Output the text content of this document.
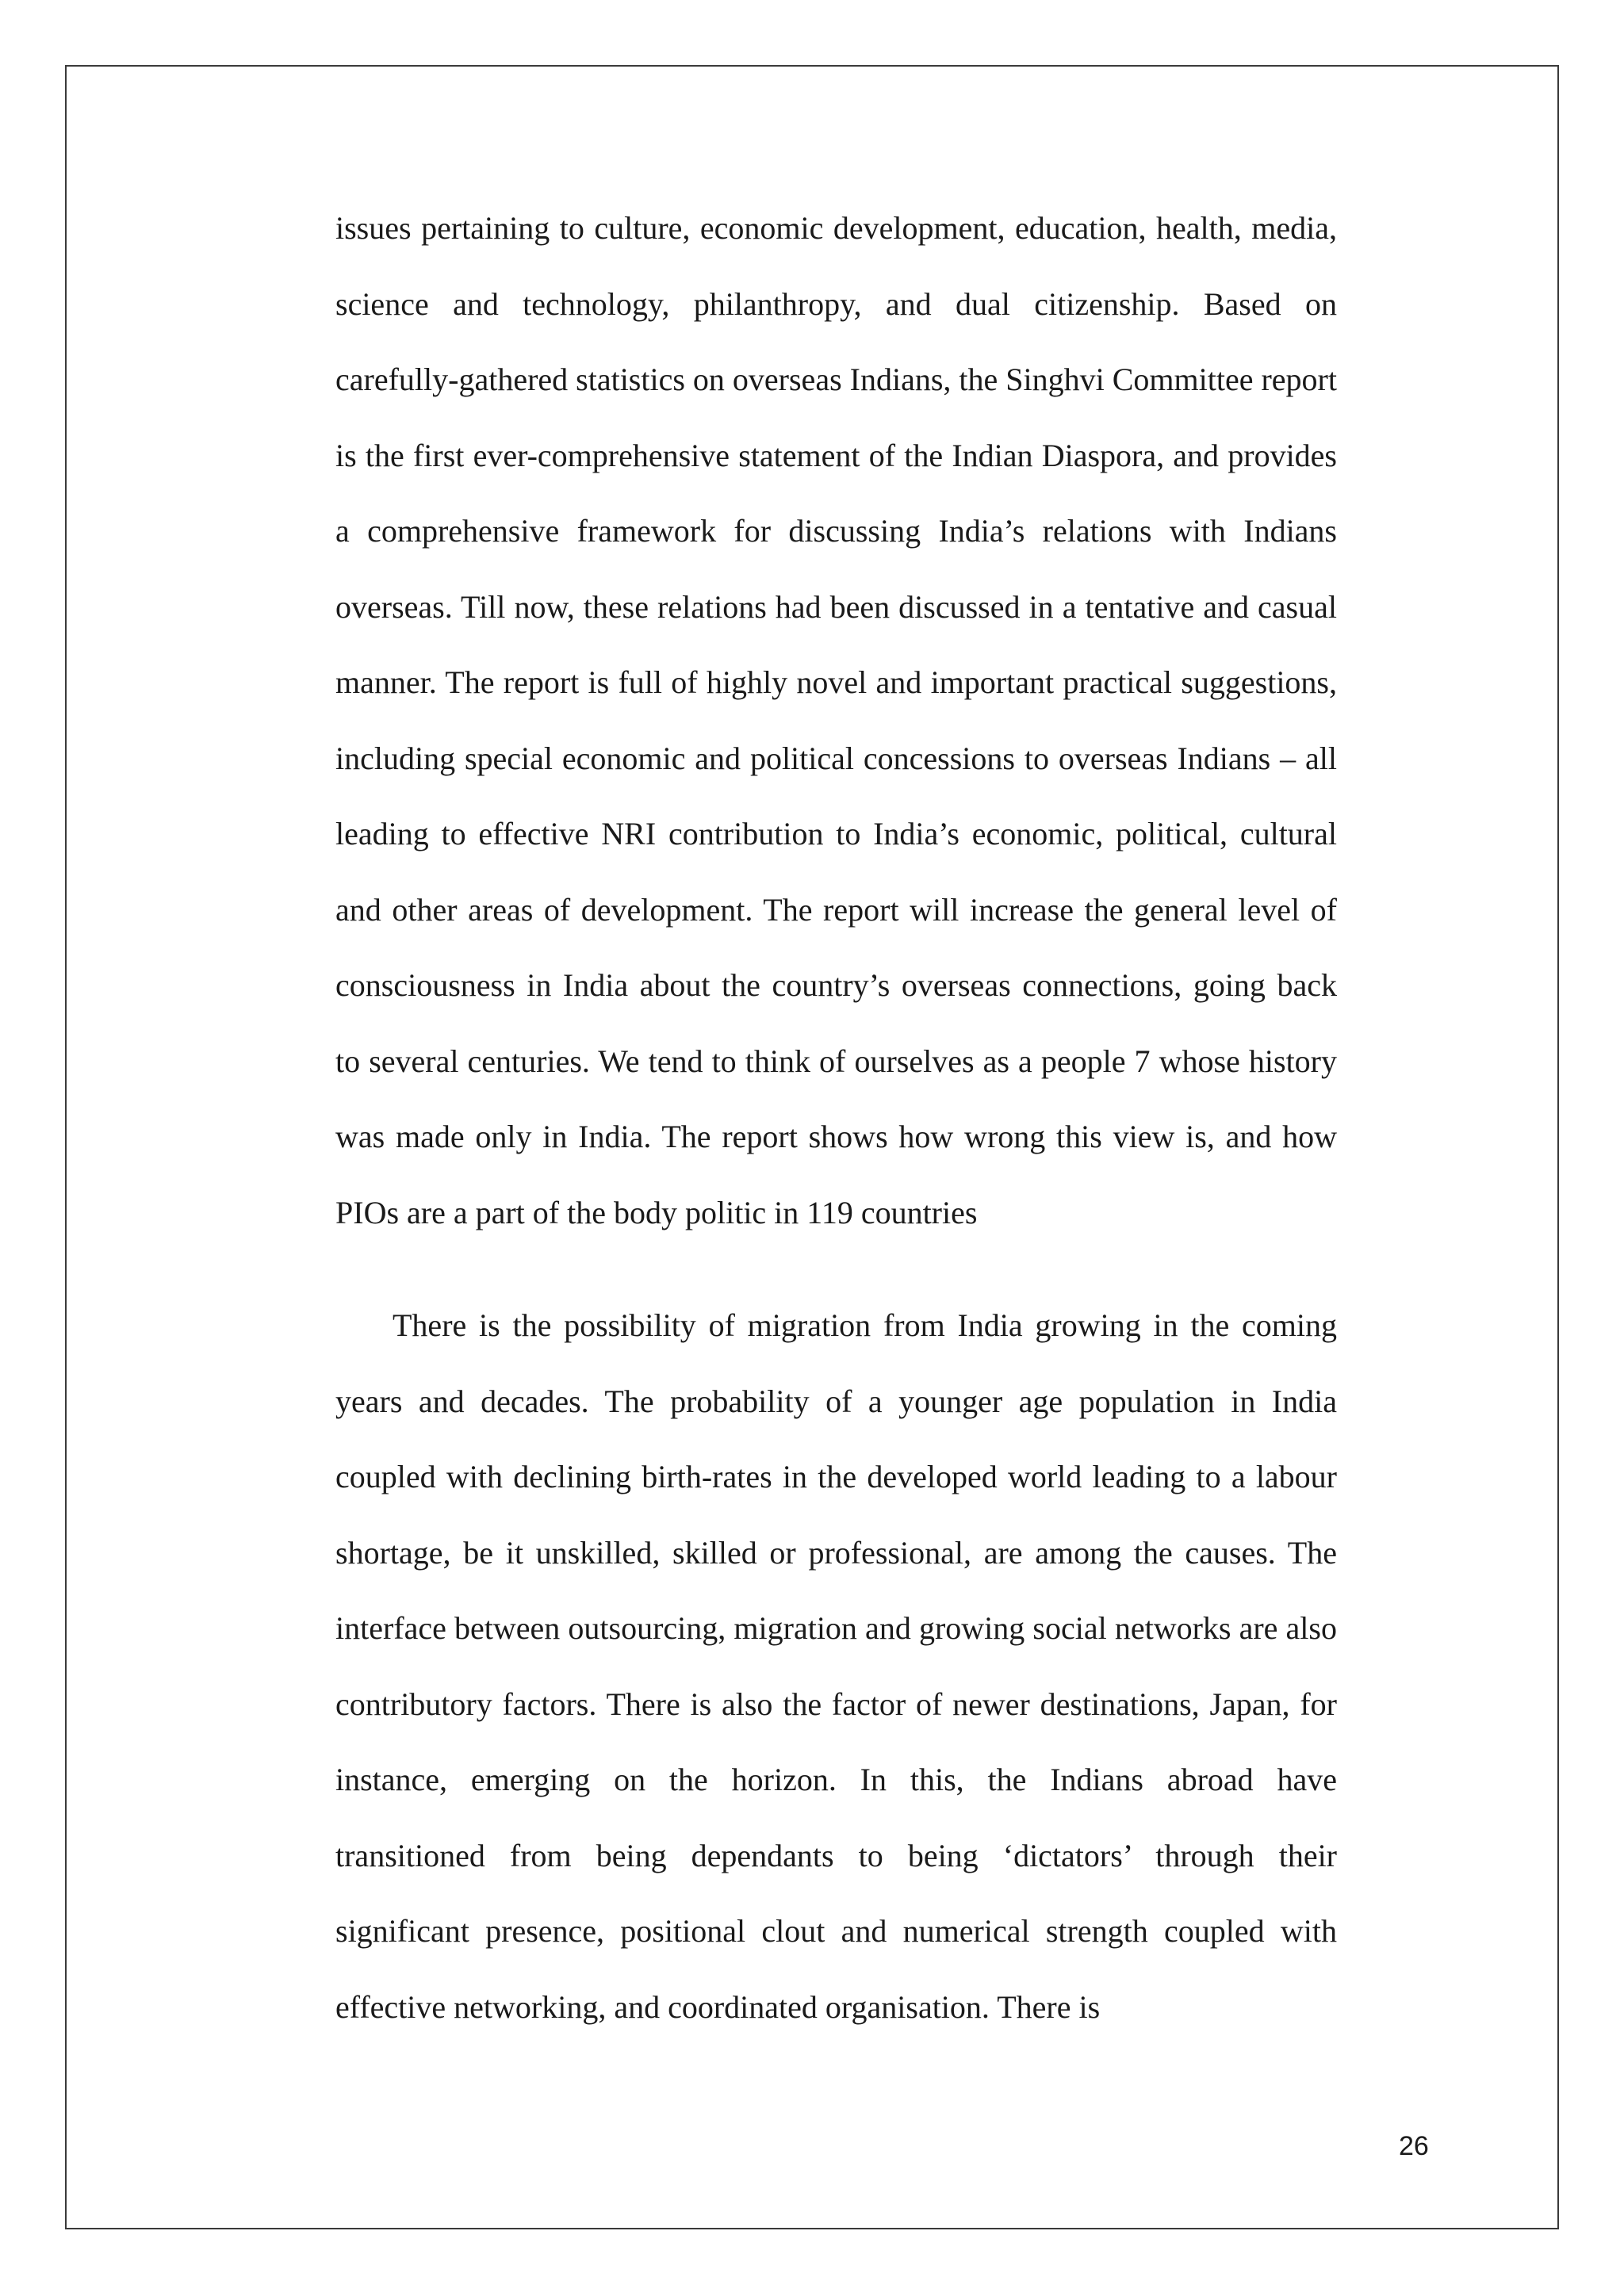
issues pertaining to culture, economic development, education, health, media, science and technology, philanthropy, and dual citizenship. Based on carefully-gathered statistics on overseas Indians, the Singhvi Committee report is the first ever-comprehensive statement of the Indian Diaspora, and provides a comprehensive framework for discussing India’s relations with Indians overseas. Till now, these relations had been discussed in a tentative and casual manner. The report is full of highly novel and important practical suggestions, including special economic and political concessions to overseas Indians – all leading to effective NRI contribution to India’s economic, political, cultural and other areas of development. The report will increase the general level of consciousness in India about the country’s overseas connections, going back to several centuries. We tend to think of ourselves as a people 7 whose history was made only in India. The report shows how wrong this view is, and how PIOs are a part of the body politic in 119 countries

There is the possibility of migration from India growing in the coming years and decades. The probability of a younger age population in India coupled with declining birth-rates in the developed world leading to a labour shortage, be it unskilled, skilled or professional, are among the causes. The interface between outsourcing, migration and growing social networks are also contributory factors. There is also the factor of newer destinations, Japan, for instance, emerging on the horizon. In this, the Indians abroad have transitioned from being dependants to being ‘dictators’ through their significant presence, positional clout and numerical strength coupled with effective networking, and coordinated organisation. There is

26
